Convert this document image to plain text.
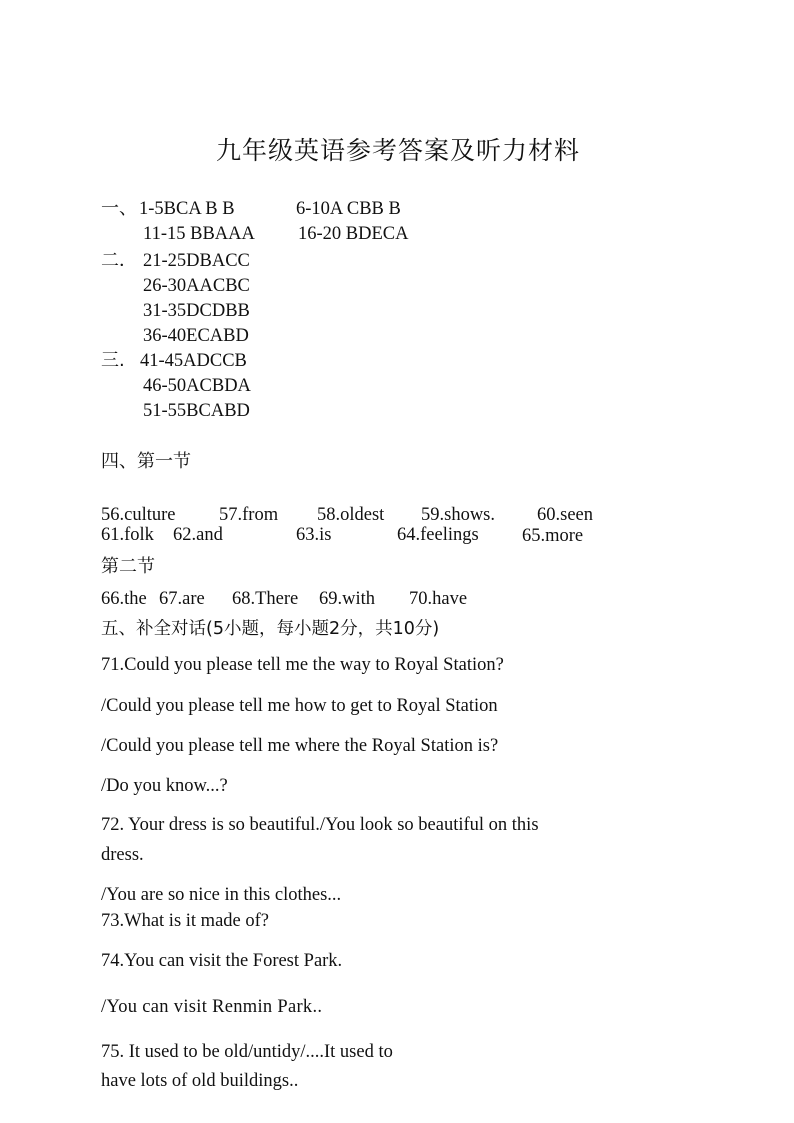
九年级英语参考答案及听力材料
一、 1-5BCA B B	6-10A CBB B
11-15 BBAAA 16-20 BDECA
二． 21-25DBACC
26-30AACBC
31-35DCDBB
36-40ECABD
三. 41-45ADCCB
46-50ACBDA
51-55BCABD
四、第一节
56.culture 57.from 58.oldest 59.shows. 60.seen
61.folk 62.and	63.is	64.feelings 65.more
第二节
66.the 67.are 68.There 69.with 70.have
五、补全对话(5小题，每小题2分，共10分)
71.Could you please tell me the way to Royal Station?
/Could you please tell me how to get to Royal Station
/Could you please tell me where the Royal Station is?
/Do you know...?
72. Your dress is so beautiful./You look so beautiful on this
dress.
/You are so nice in this clothes...
73.What is it made of?
74.You can visit the Forest Park.
/You can visit Renmin Park..
75. It used to be old/untidy/....It used to
have lots of old buildings..
